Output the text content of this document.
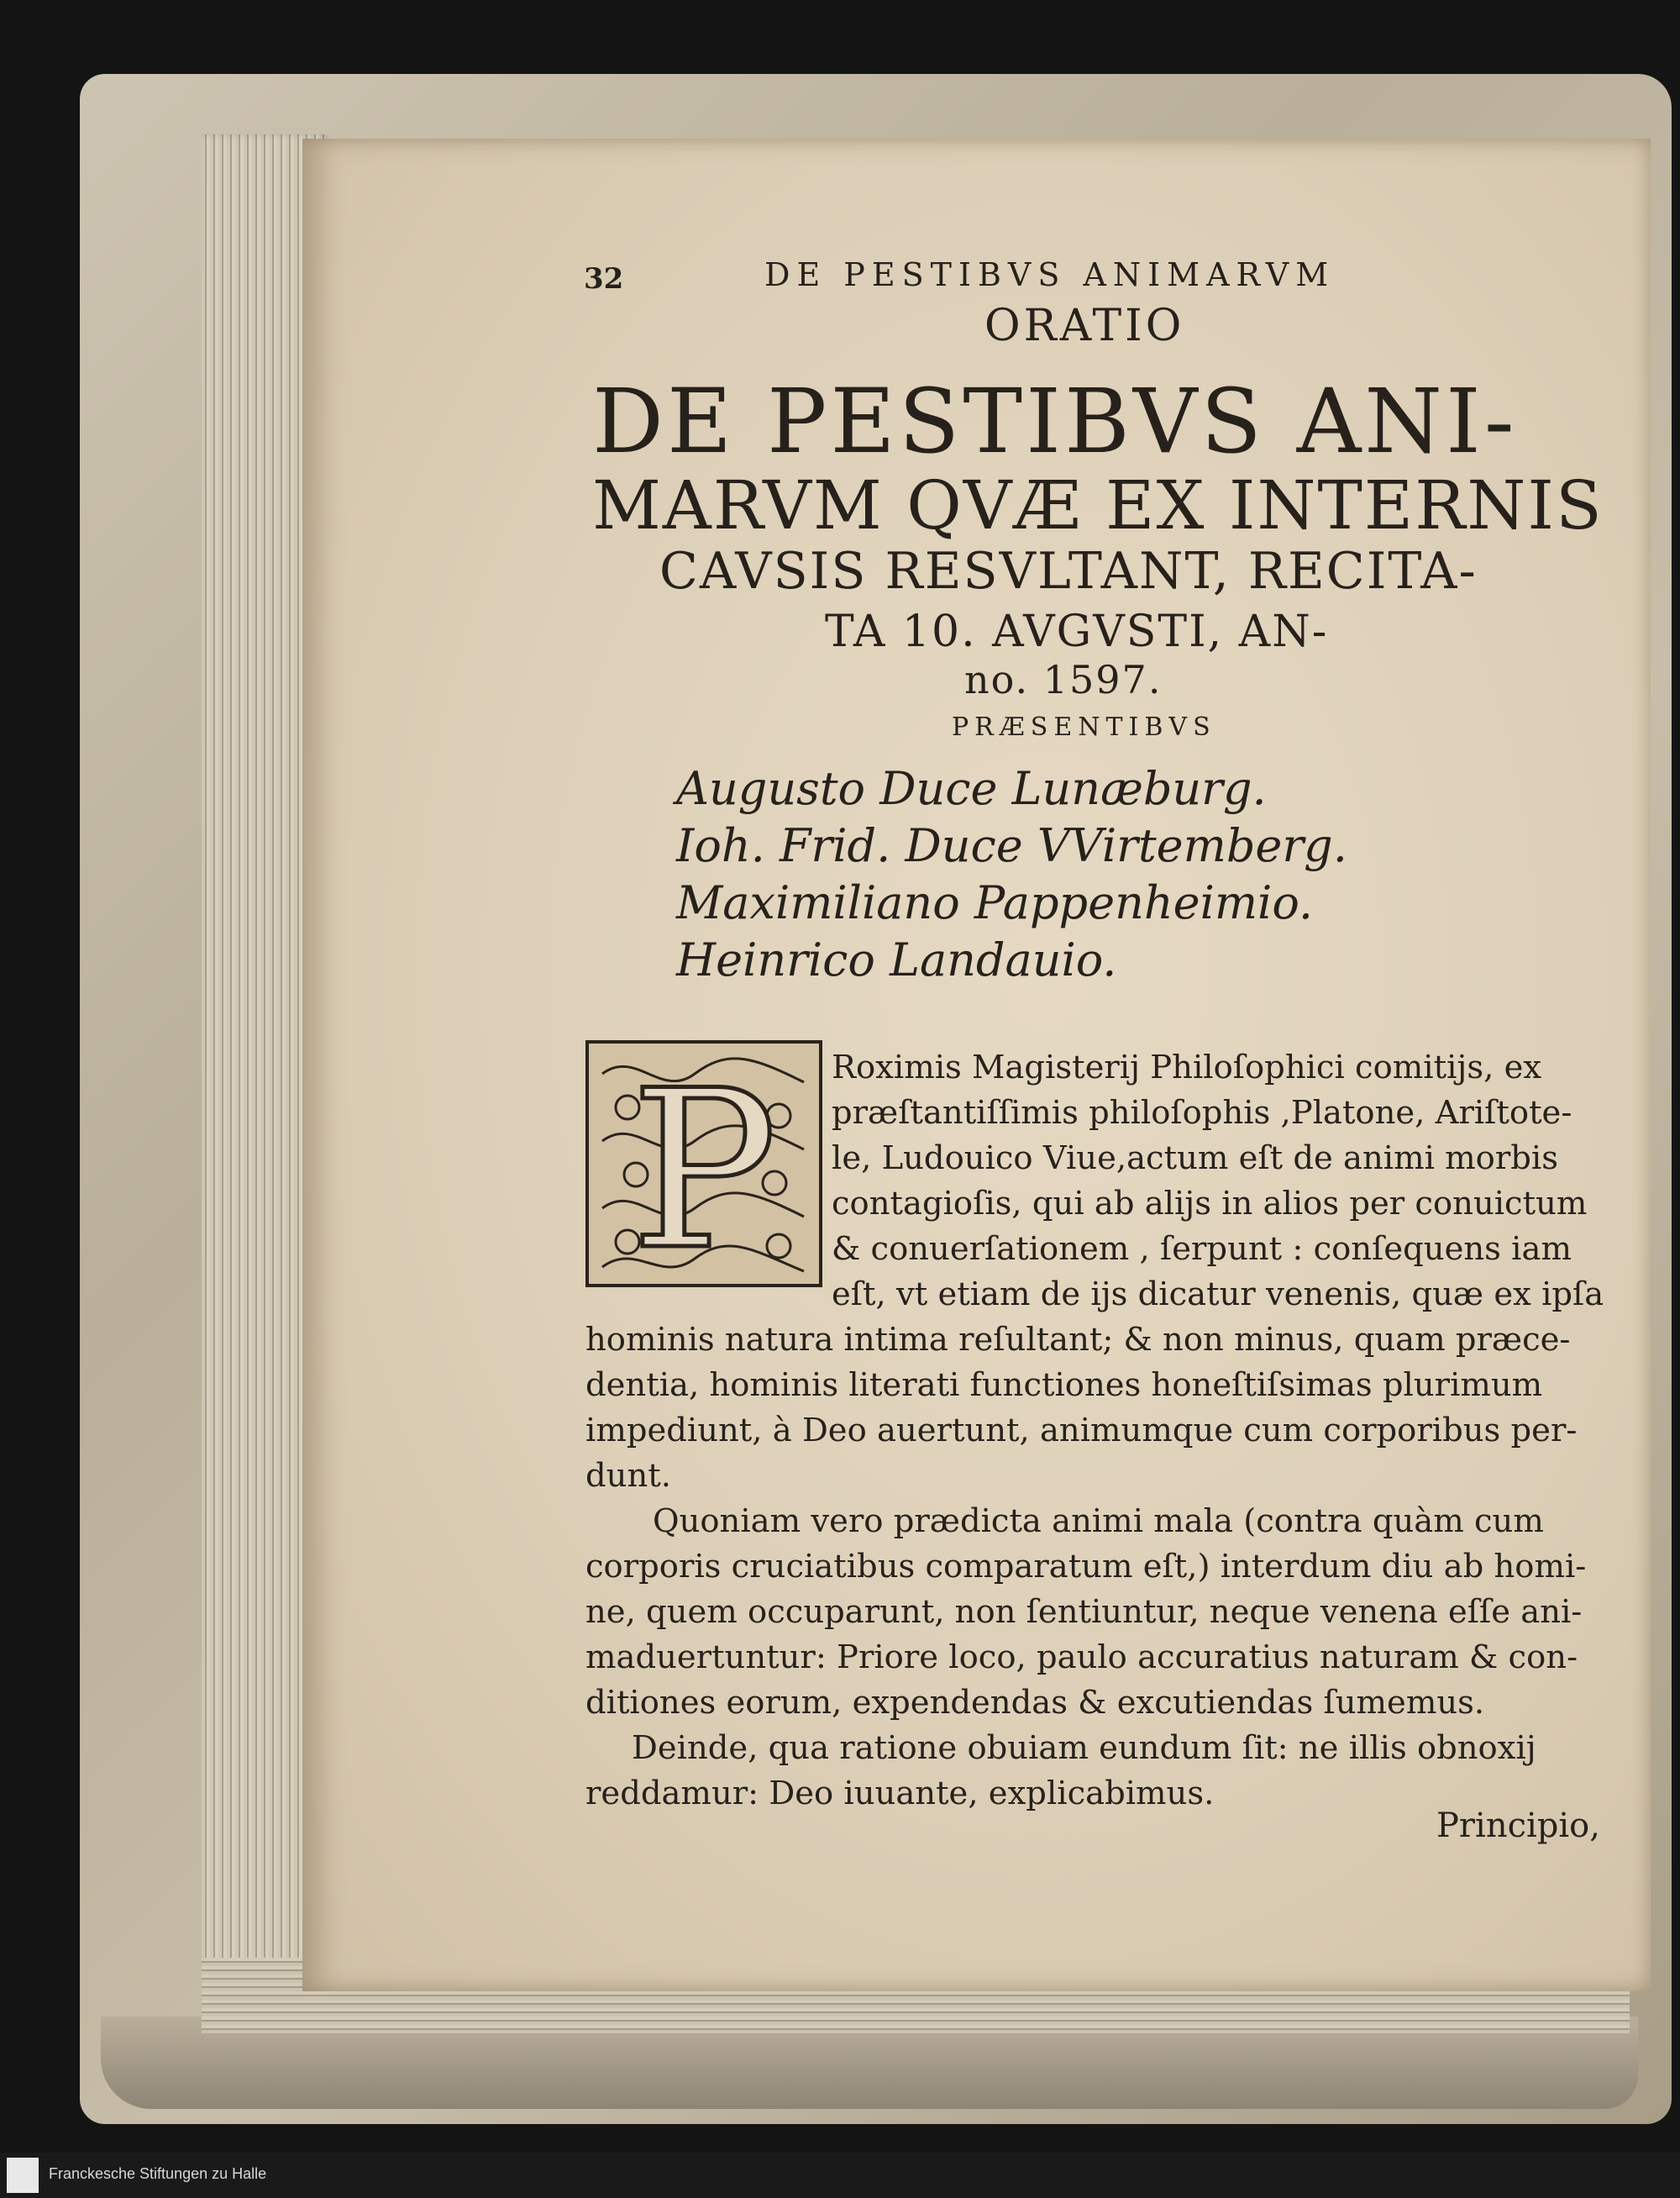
32	DE PESTIBVS ANIMARVM
ORATIO
DE PESTIBVS ANI-
MARVM QVÆ EX INTERNIS
CAVSIS RESVLTANT, RECITA-
TA 10. AVGVSTI, AN-
no. 1597.
PRÆSENTIBVS
Augusto Duce Lunæburg.
Ioh. Frid. Duce VVirtemberg.
Maximiliano Pappenheimio.
Heinrico Landauio.
P Roximis Magisterij Philoſophici comitijs, ex
præſtantiſſimis philoſophis ,Platone, Ariſtote-
le, Ludouico Viue,actum eſt de animi morbis
contagioſis, qui ab alijs in alios per conuictum
& conuerſationem , ſerpunt : conſequens iam
eſt, vt etiam de ijs dicatur venenis, quæ ex ipſa
hominis natura intima reſultant; & non minus, quam præce-
dentia, hominis literati functiones honeſtiſsimas plurimum
impediunt, à Deo auertunt, animumque cum corporibus per-
dunt.
Quoniam vero prædicta animi mala (contra quàm cum
corporis cruciatibus comparatum eſt,) interdum diu ab homi-
ne, quem occuparunt, non ſentiuntur, neque venena eſſe ani-
maduertuntur: Priore loco, paulo accuratius naturam & con-
ditiones eorum, expendendas & excutiendas ſumemus.
Deinde, qua ratione obuiam eundum ſit: ne illis obnoxij
reddamur: Deo iuuante, explicabimus.
Principio,
Franckesche Stiftungen zu Halle
